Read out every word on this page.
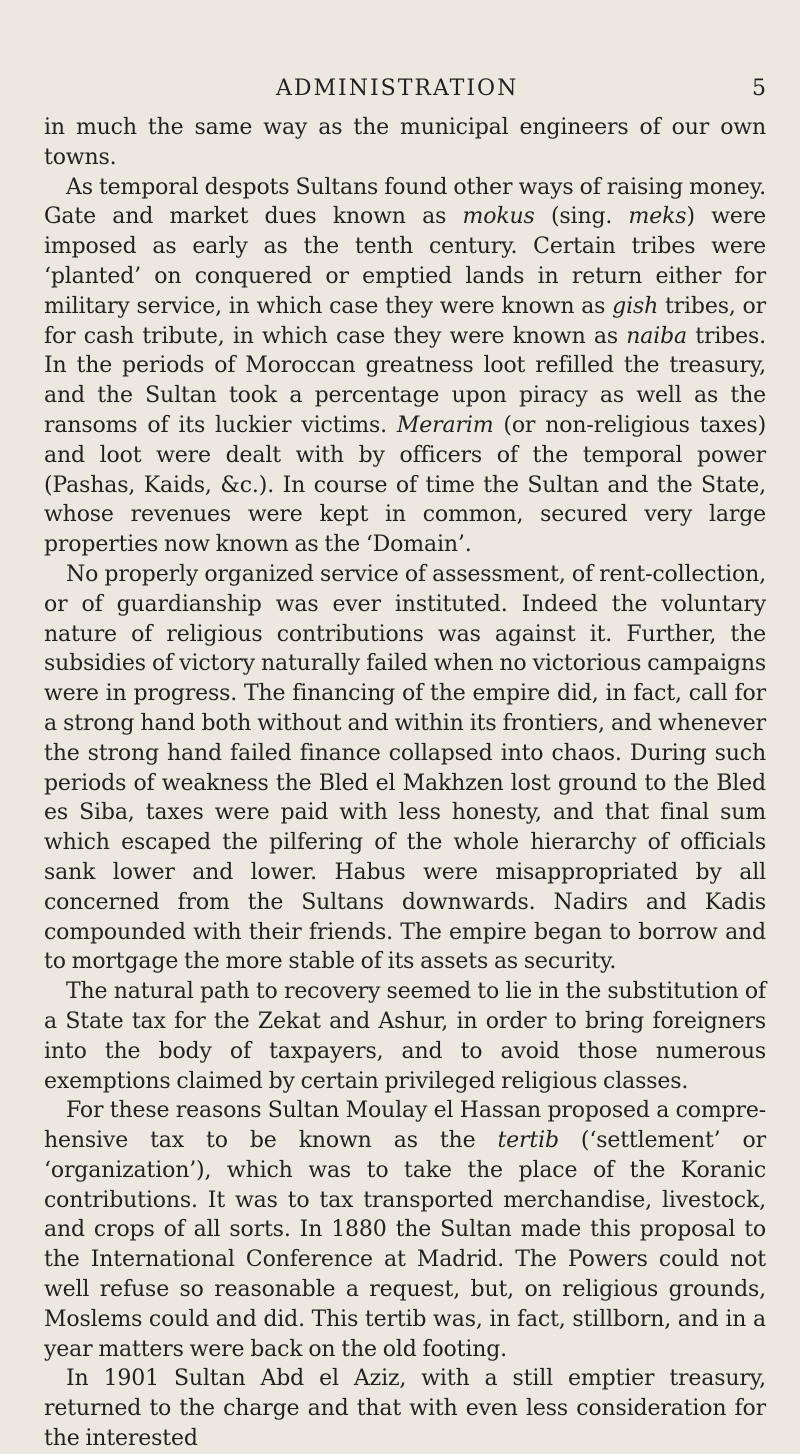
ADMINISTRATION	5

in much the same way as the municipal engineers of our own towns.

As temporal despots Sultans found other ways of raising money. Gate and market dues known as mokus (sing. meks) were imposed as early as the tenth century. Certain tribes were ‘planted’ on conquered or emptied lands in return either for military service, in which case they were known as gish tribes, or for cash tribute, in which case they were known as naiba tribes. In the periods of Moroccan greatness loot refilled the treasury, and the Sultan took a percentage upon piracy as well as the ransoms of its luckier victims. Merarim (or non-religious taxes) and loot were dealt with by officers of the temporal power (Pashas, Kaids, &c.). In course of time the Sultan and the State, whose revenues were kept in common, secured very large properties now known as the ‘Domain’.

No properly organized service of assessment, of rent-collection, or of guardianship was ever instituted. Indeed the voluntary nature of religious contributions was against it. Further, the subsidies of victory naturally failed when no victorious campaigns were in progress. The financing of the empire did, in fact, call for a strong hand both without and within its frontiers, and whenever the strong hand failed finance collapsed into chaos. During such periods of weakness the Bled el Makhzen lost ground to the Bled es Siba, taxes were paid with less honesty, and that final sum which escaped the pilfering of the whole hierarchy of officials sank lower and lower. Habus were misappropriated by all concerned from the Sultans downwards. Nadirs and Kadis compounded with their friends. The empire began to borrow and to mortgage the more stable of its assets as security.

The natural path to recovery seemed to lie in the substitution of a State tax for the Zekat and Ashur, in order to bring foreigners into the body of taxpayers, and to avoid those numerous exemptions claimed by certain privileged religious classes.

For these reasons Sultan Moulay el Hassan proposed a compre-hensive tax to be known as the tertib (‘settlement’ or ‘organization’), which was to take the place of the Koranic contributions. It was to tax transported merchandise, livestock, and crops of all sorts. In 1880 the Sultan made this proposal to the International Conference at Madrid. The Powers could not well refuse so reasonable a request, but, on religious grounds, Moslems could and did. This tertib was, in fact, stillborn, and in a year matters were back on the old footing.

In 1901 Sultan Abd el Aziz, with a still emptier treasury, returned to the charge and that with even less consideration for the interested
